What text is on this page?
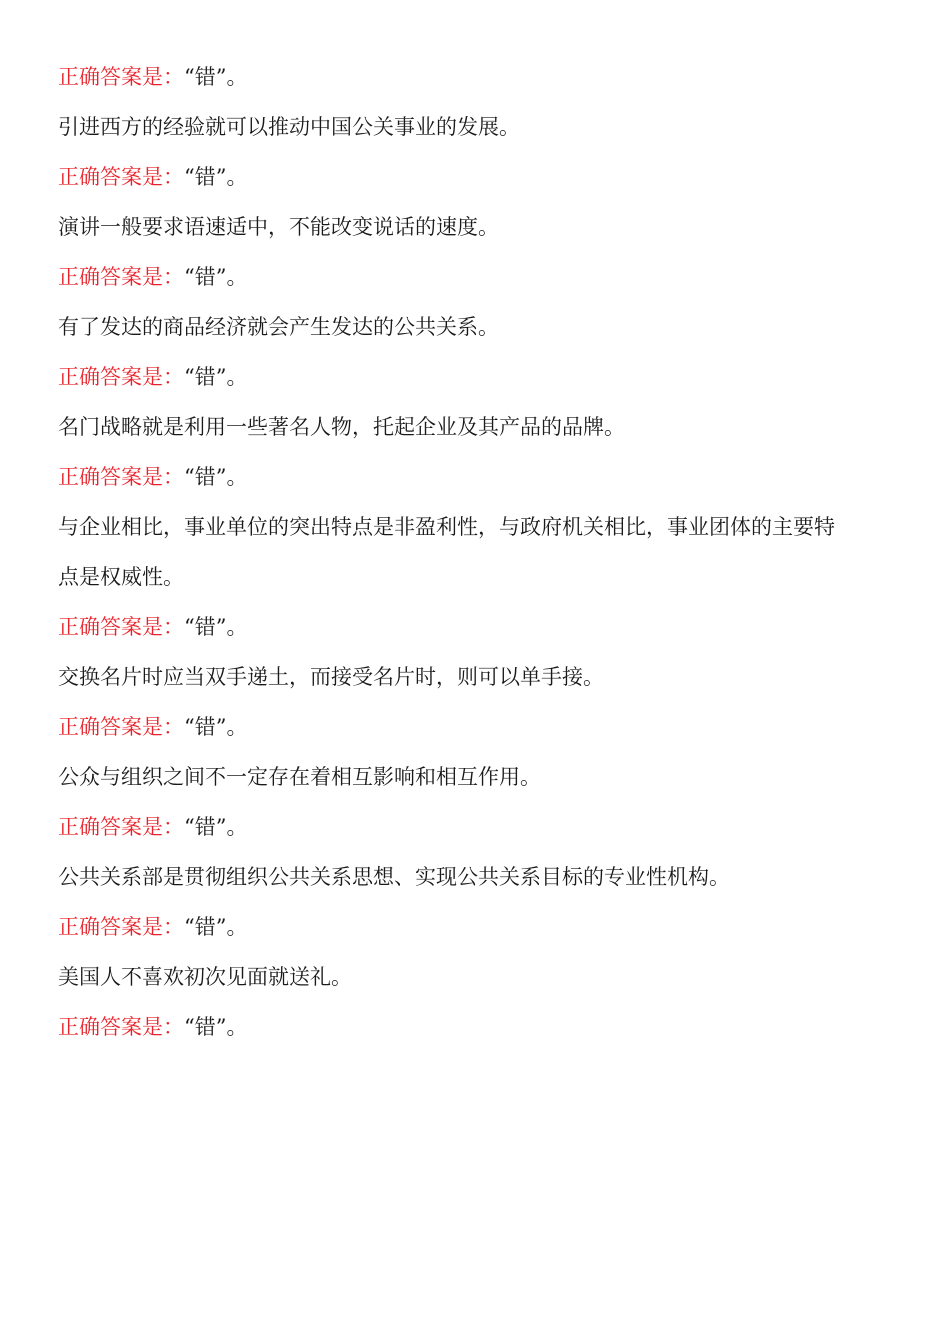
正确答案是：“错”。
引进西方的经验就可以推动中国公关事业的发展。
正确答案是：“错”。
演讲一般要求语速适中，不能改变说话的速度。
正确答案是：“错”。
有了发达的商品经济就会产生发达的公共关系。
正确答案是：“错”。
名门战略就是利用一些著名人物，托起企业及其产品的品牌。
正确答案是：“错”。
与企业相比，事业单位的突出特点是非盈利性，与政府机关相比，事业团体的主要特
点是权威性。
正确答案是：“错”。
交换名片时应当双手递土，而接受名片时，则可以单手接。
正确答案是：“错”。
公众与组织之间不一定存在着相互影响和相互作用。
正确答案是：“错”。
公共关系部是贯彻组织公共关系思想、实现公共关系目标的专业性机构。
正确答案是：“错”。
美国人不喜欢初次见面就送礼。
正确答案是：“错”。
